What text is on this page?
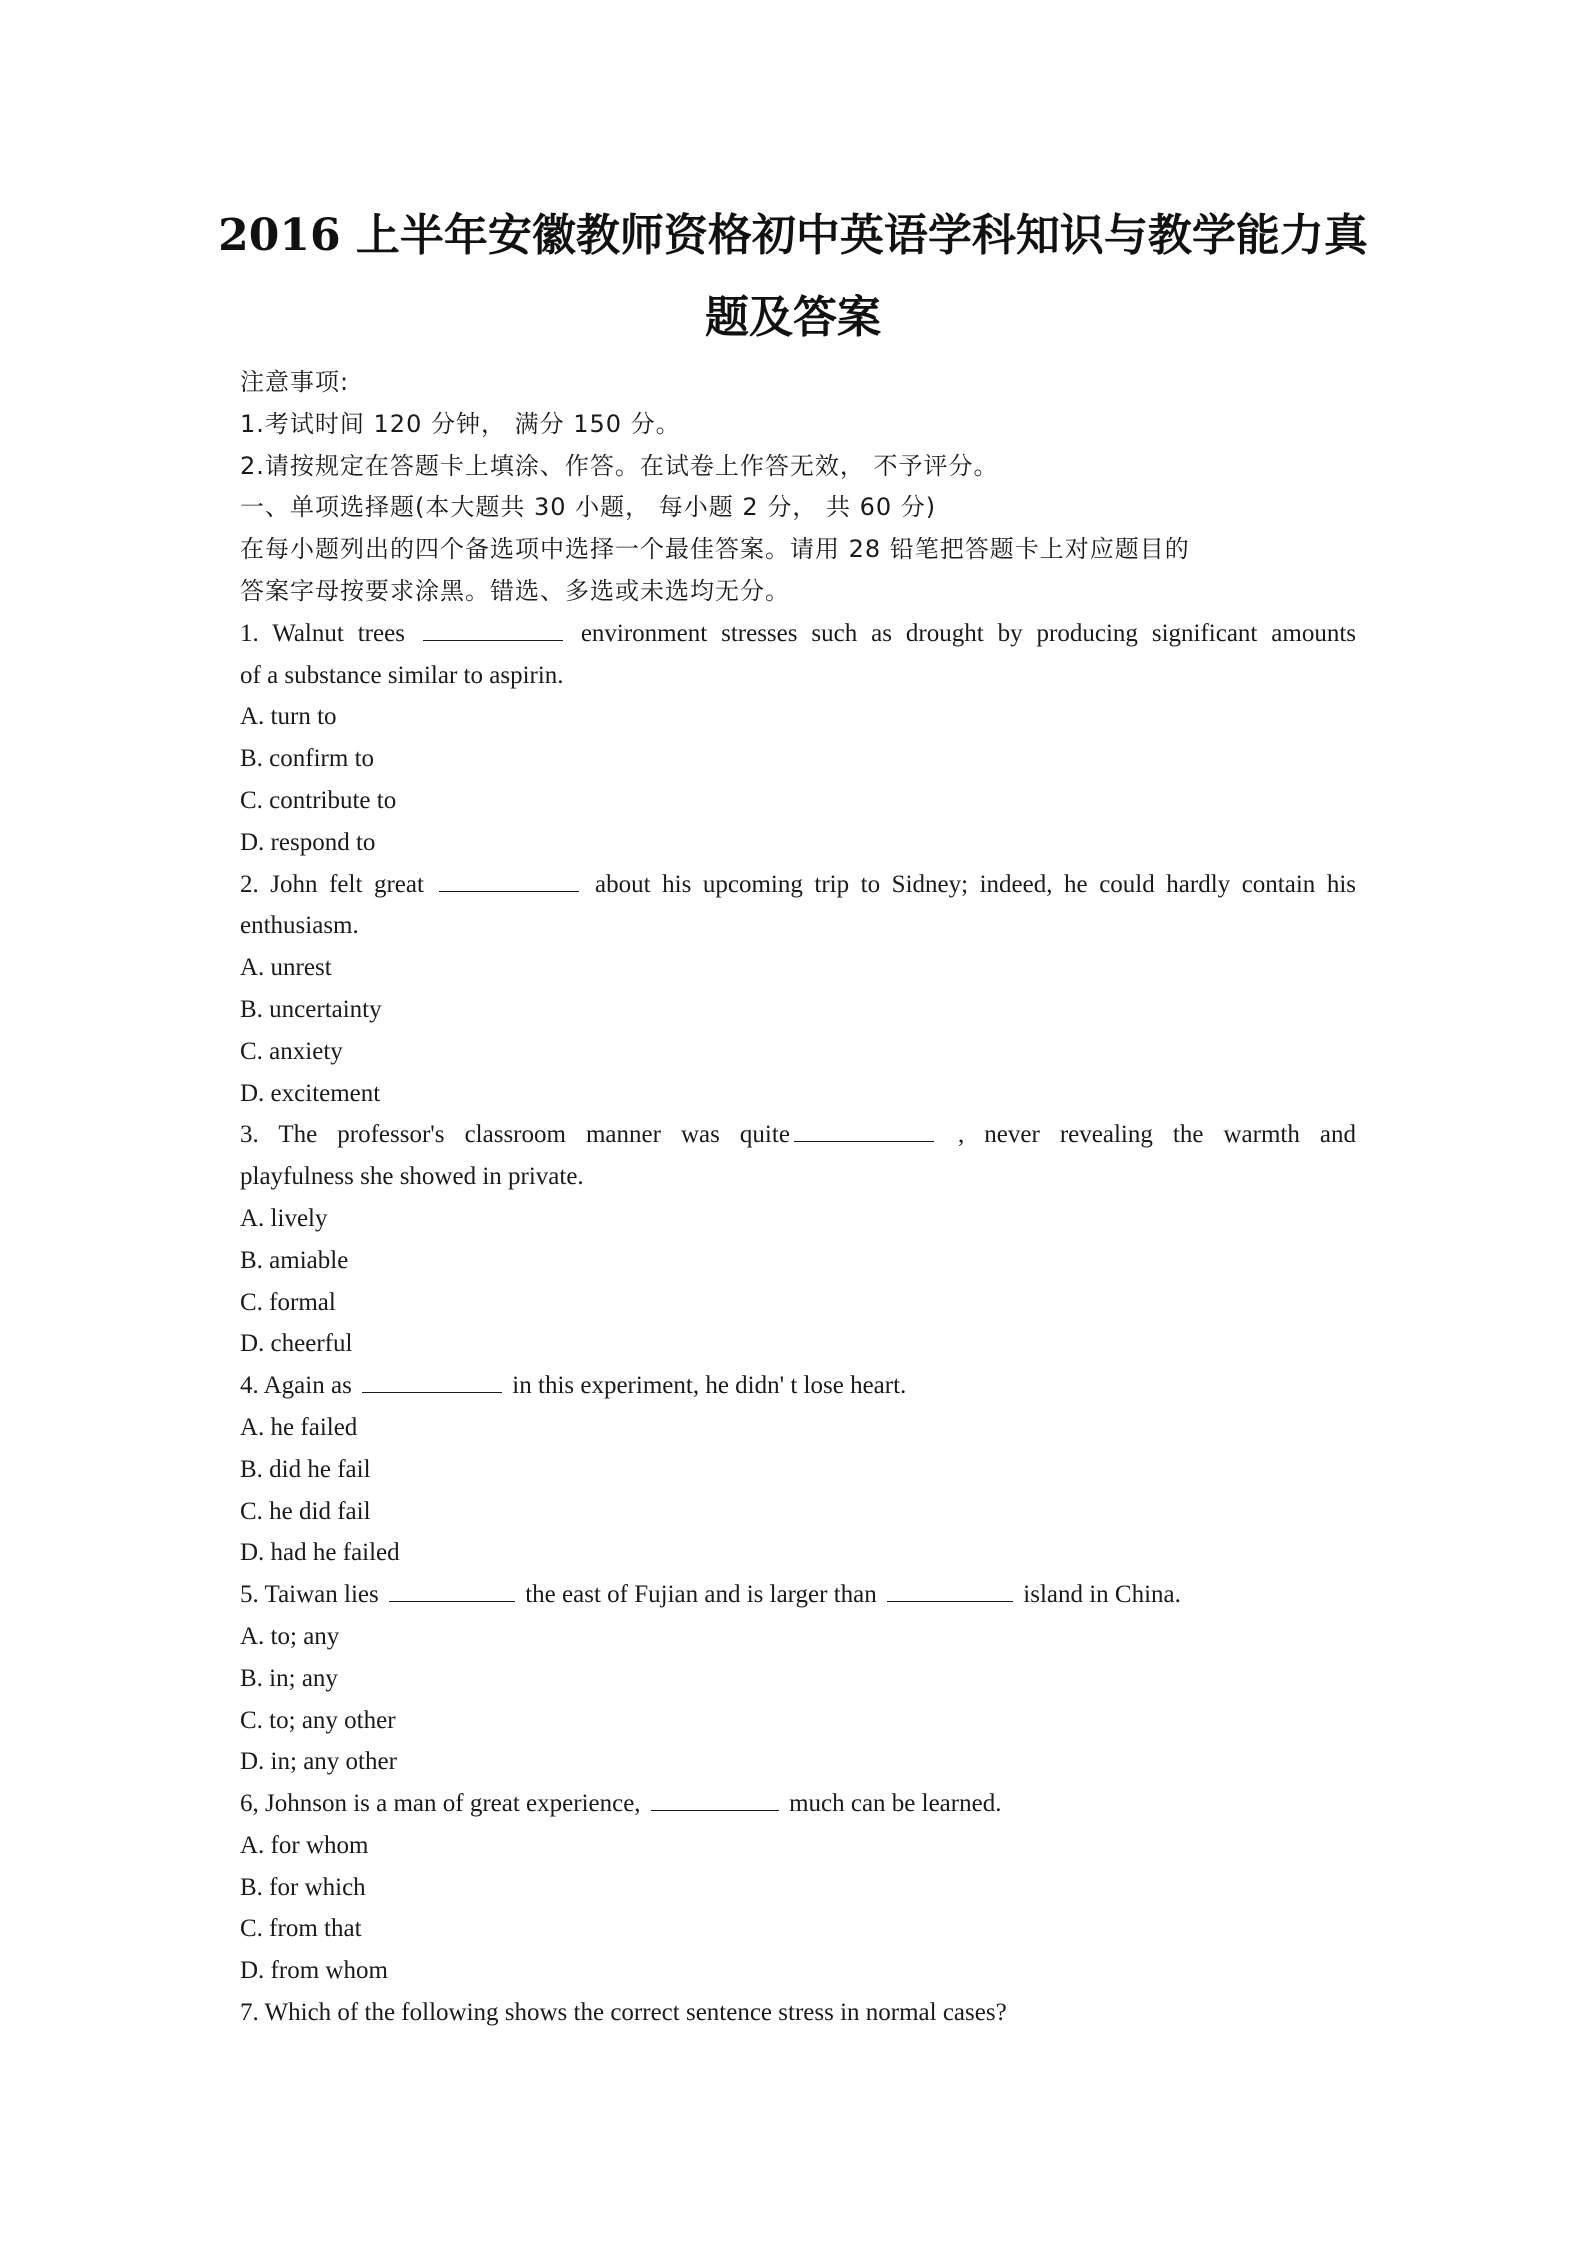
2016 上半年安徽教师资格初中英语学科知识与教学能力真
题及答案
注意事项:
1.考试时间 120 分钟， 满分 150 分。
2.请按规定在答题卡上填涂、作答。在试卷上作答无效， 不予评分。
一、单项选择题(本大题共 30 小题， 每小题 2 分， 共 60 分)
在每小题列出的四个备选项中选择一个最佳答案。请用 28 铅笔把答题卡上对应题目的
答案字母按要求涂黑。错选、多选或未选均无分。
1. Walnut trees	environment stresses such as drought by producing significant amounts
of a substance similar to aspirin.
A. turn to
B. confirm to
C. contribute to
D. respond to
2. John felt great	about his upcoming trip to Sidney; indeed, he could hardly contain his
enthusiasm.
A. unrest
B. uncertainty
C. anxiety
D. excitement
3. The professor's classroom manner was quite	, never revealing the warmth and
playfulness she showed in private.
A. lively
B. amiable
C. formal
D. cheerful
4. Again as	in this experiment, he didn' t lose heart.
A. he failed
B. did he fail
C. he did fail
D. had he failed
5. Taiwan lies	the east of Fujian and is larger than	island in China.
A. to; any
B. in; any
C. to; any other
D. in; any other
6, Johnson is a man of great experience,	much can be learned.
A. for whom
B. for which
C. from that
D. from whom
7. Which of the following shows the correct sentence stress in normal cases?
